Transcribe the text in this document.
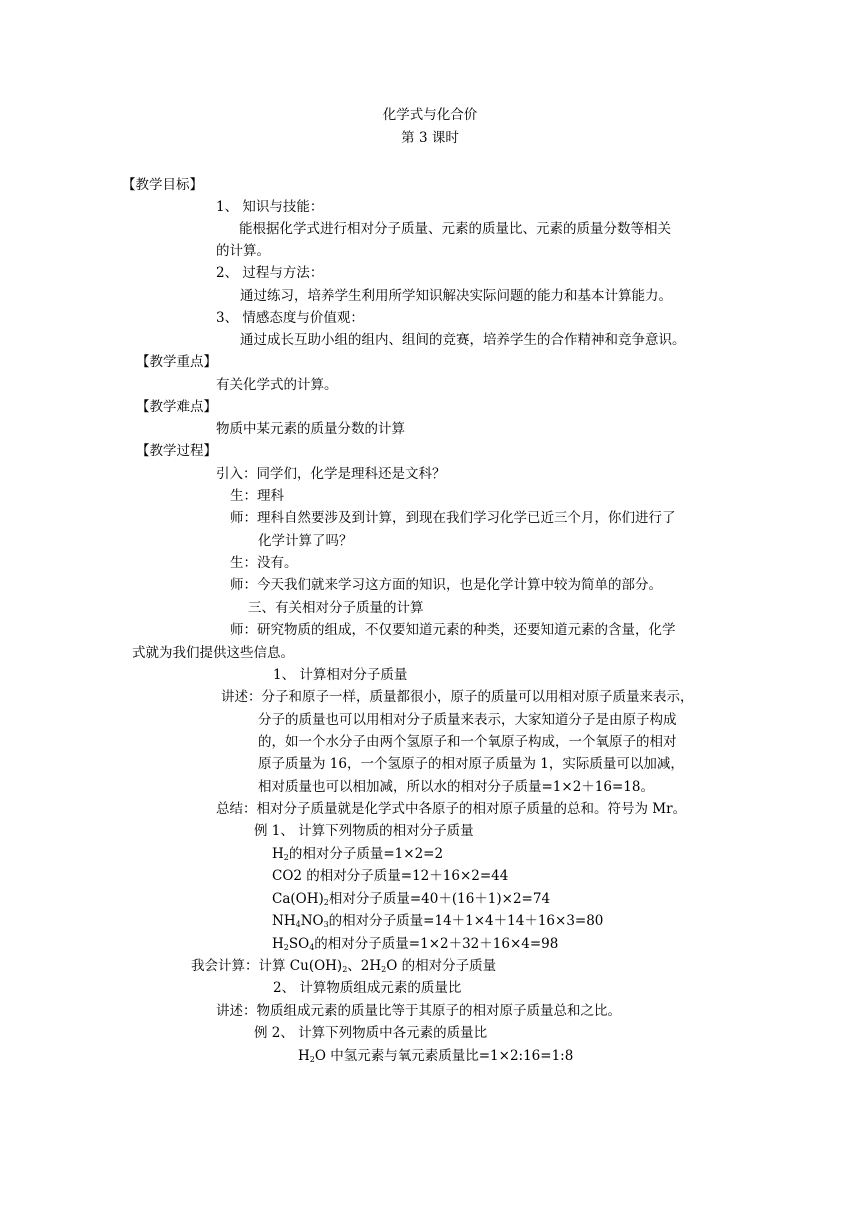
化学式与化合价
第 3 课时
【教学目标】
1、 知识与技能：
能根据化学式进行相对分子质量、元素的质量比、元素的质量分数等相关
的计算。
2、 过程与方法：
通过练习，培养学生利用所学知识解决实际问题的能力和基本计算能力。
3、 情感态度与价值观：
通过成长互助小组的组内、组间的竞赛，培养学生的合作精神和竞争意识。
【教学重点】
有关化学式的计算。
【教学难点】
物质中某元素的质量分数的计算
【教学过程】
引入：同学们，化学是理科还是文科？
生：理科
师：理科自然要涉及到计算，到现在我们学习化学已近三个月，你们进行了
化学计算了吗？
生：没有。
师：今天我们就来学习这方面的知识，也是化学计算中较为简单的部分。
三、有关相对分子质量的计算
师：研究物质的组成，不仅要知道元素的种类，还要知道元素的含量，化学
式就为我们提供这些信息。
1、 计算相对分子质量
讲述：分子和原子一样，质量都很小，原子的质量可以用相对原子质量来表示，
分子的质量也可以用相对分子质量来表示，大家知道分子是由原子构成
的，如一个水分子由两个氢原子和一个氧原子构成，一个氧原子的相对
原子质量为 16，一个氢原子的相对原子质量为 1，实际质量可以加减，
相对质量也可以相加减，所以水的相对分子质量=1×2＋16=18。
总结：相对分子质量就是化学式中各原子的相对原子质量的总和。符号为 Mr。
例 1、 计算下列物质的相对分子质量
$H_2$的相对分子质量=1×2=2
CO2 的相对分子质量=12＋16×2=44
$Ca(OH)_2$相对分子质量=40＋(16＋1)×2=74
$NH_4NO_3$的相对分子质量=14＋1×4＋14＋16×3=80
$H_2SO_4$的相对分子质量=1×2＋32＋16×4=98
我会计算：计算 $Cu(OH)_2$、$2H_2O$ 的相对分子质量
2、 计算物质组成元素的质量比
讲述：物质组成元素的质量比等于其原子的相对原子质量总和之比。
例 2、 计算下列物质中各元素的质量比
$H_2O$ 中氢元素与氧元素质量比=1×2:16=1:8
